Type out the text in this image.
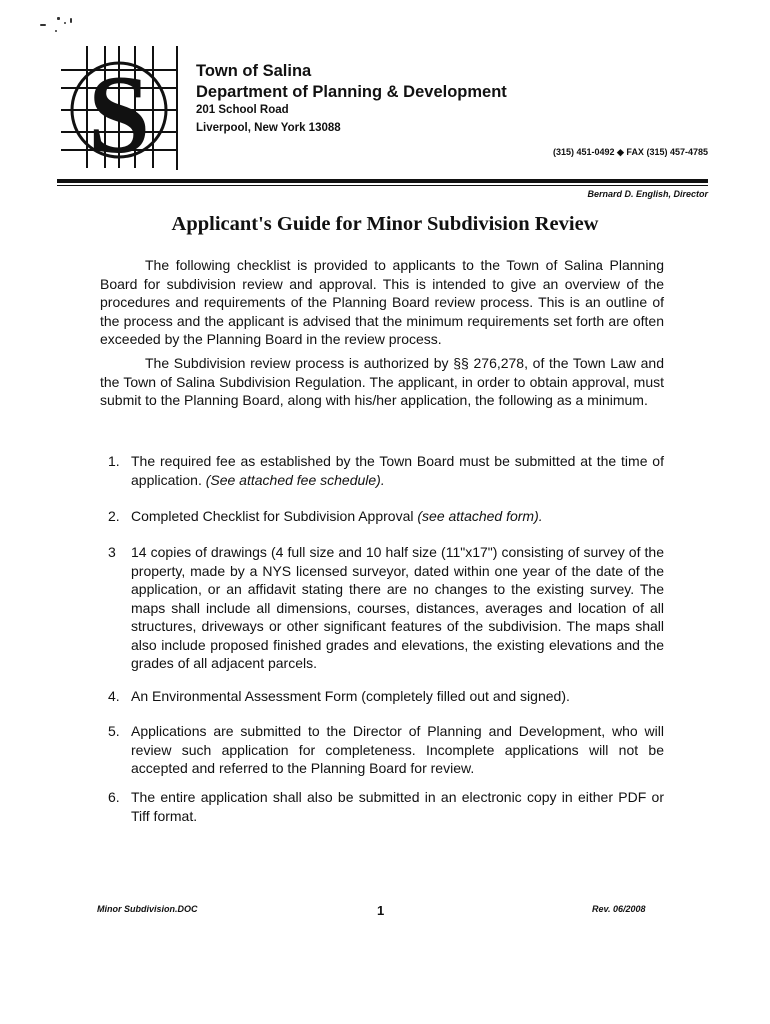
S	Town of Salina
Department of Planning & Development
201 School Road
Liverpool, New York 13088
(315) 451-0492 ◆ FAX (315) 457-4785
Bernard D. English, Director
Applicant's Guide for Minor Subdivision Review
The following checklist is provided to applicants to the Town of Salina Planning Board for subdivision review and approval. This is intended to give an overview of the procedures and requirements of the Planning Board review process. This is an outline of the process and the applicant is advised that the minimum requirements set forth are often exceeded by the Planning Board in the review process.
The Subdivision review process is authorized by §§ 276,278, of the Town Law and the Town of Salina Subdivision Regulation. The applicant, in order to obtain approval, must submit to the Planning Board, along with his/her application, the following as a minimum.
1. The required fee as established by the Town Board must be submitted at the time of application. (See attached fee schedule).
2. Completed Checklist for Subdivision Approval (see attached form).
3	14 copies of drawings (4 full size and 10 half size (11"x17") consisting of survey of the property, made by a NYS licensed surveyor, dated within one year of the date of the application, or an affidavit stating there are no changes to the existing survey. The maps shall include all dimensions, courses, distances, averages and location of all structures, driveways or other significant features of the subdivision. The maps shall also include proposed finished grades and elevations, the existing elevations and the grades of all adjacent parcels.
4. An Environmental Assessment Form (completely filled out and signed).
5. Applications are submitted to the Director of Planning and Development, who will review such application for completeness. Incomplete applications will not be accepted and referred to the Planning Board for review.
6. The entire application shall also be submitted in an electronic copy in either PDF or Tiff format.
Minor Subdivision.DOC	1	Rev. 06/2008
